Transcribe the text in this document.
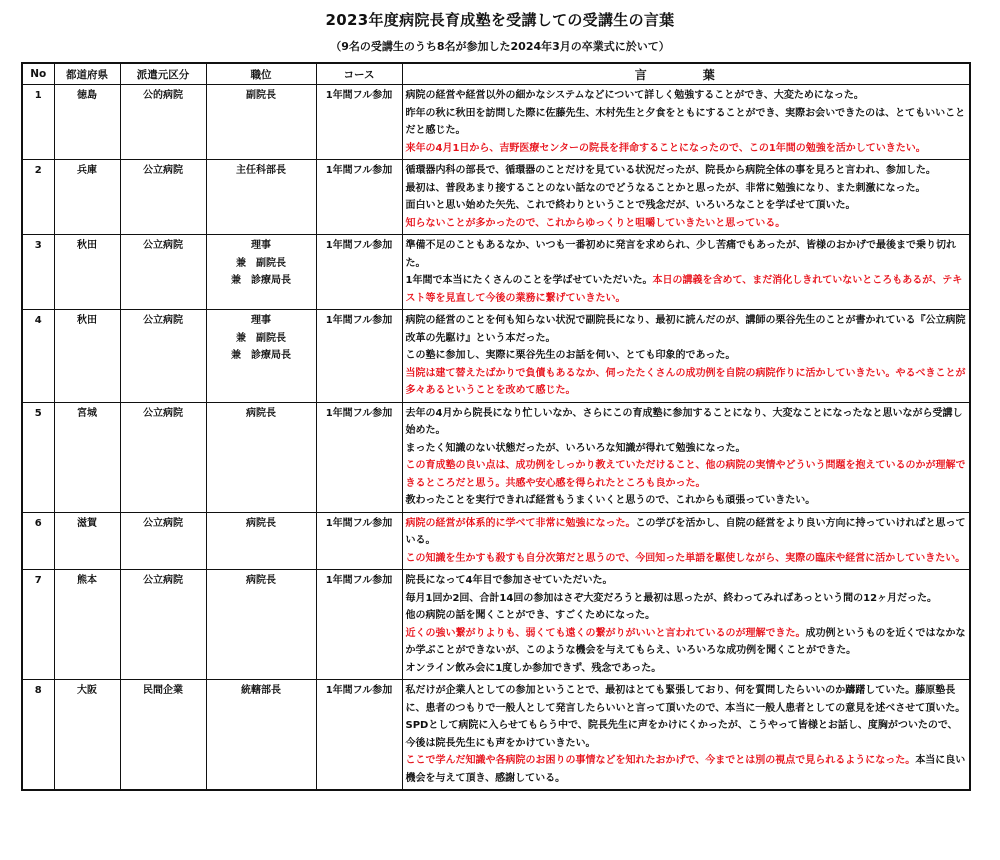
2023年度病院長育成塾を受講しての受講生の言葉
（9名の受講生のうち8名が参加した2024年3月の卒業式に於いて）
No	都道府県	派遣元区分	職位	コース	言　葉
1	徳島	公的病院	副院長	1年間フル参加	病院の経営や経営以外の細かなシステムなどについて詳しく勉強することができ、大変ためになった。
昨年の秋に秋田を訪問した際に佐藤先生、木村先生と夕食をともにすることができ、実際お会いできたのは、とてもいいことだと感じた。
来年の4月1日から、吉野医療センターの院長を拝命することになったので、この1年間の勉強を活かしていきたい。

2	兵庫	公立病院	主任科部長	1年間フル参加	循環器内科の部長で、循環器のことだけを見ている状況だったが、院長から病院全体の事を見ろと言われ、参加した。
最初は、普段あまり接することのない話なのでどうなることかと思ったが、非常に勉強になり、また刺激になった。
面白いと思い始めた矢先、これで終わりということで残念だが、いろいろなことを学ばせて頂いた。
知らないことが多かったので、これからゆっくりと咀嚼していきたいと思っている。

3	秋田	公立病院	理事
兼　副院長
兼　診療局長	1年間フル参加	準備不足のこともあるなか、いつも一番初めに発言を求められ、少し苦痛でもあったが、皆様のおかげで最後まで乗り切れた。
1年間で本当にたくさんのことを学ばせていただいた。本日の講義を含めて、まだ消化しきれていないところもあるが、テキスト等を見直して今後の業務に繋げていきたい。

4	秋田	公立病院	理事
兼　副院長
兼　診療局長	1年間フル参加	病院の経営のことを何も知らない状況で副院長になり、最初に読んだのが、講師の栗谷先生のことが書かれている『公立病院改革の先駆け』という本だった。
この塾に参加し、実際に栗谷先生のお話を伺い、とても印象的であった。
当院は建て替えたばかりで負債もあるなか、伺ったたくさんの成功例を自院の病院作りに活かしていきたい。やるべきことが多々あるということを改めて感じた。

5	宮城	公立病院	病院長	1年間フル参加	去年の4月から院長になり忙しいなか、さらにこの育成塾に参加することになり、大変なことになったなと思いながら受講し始めた。
まったく知識のない状態だったが、いろいろな知識が得れて勉強になった。
この育成塾の良い点は、成功例をしっかり教えていただけること、他の病院の実情やどういう問題を抱えているのかが理解できるところだと思う。共感や安心感を得られたところも良かった。
教わったことを実行できれば経営もうまくいくと思うので、これからも頑張っていきたい。

6	滋賀	公立病院	病院長	1年間フル参加	病院の経営が体系的に学べて非常に勉強になった。この学びを活かし、自院の経営をより良い方向に持っていければと思っている。
この知識を生かすも殺すも自分次第だと思うので、今回知った単語を駆使しながら、実際の臨床や経営に活かしていきたい。

7	熊本	公立病院	病院長	1年間フル参加	院長になって4年目で参加させていただいた。
毎月1回か2回、合計14回の参加はさぞ大変だろうと最初は思ったが、終わってみればあっという間の12ヶ月だった。
他の病院の話を聞くことができ、すごくためになった。
近くの強い繋がりよりも、弱くても遠くの繋がりがいいと言われているのが理解できた。成功例というものを近くではなかなか学ぶことができないが、このような機会を与えてもらえ、いろいろな成功例を聞くことができた。
オンライン飲み会に1度しか参加できず、残念であった。

8	大阪	民間企業	統轄部長	1年間フル参加	私だけが企業人としての参加ということで、最初はとても緊張しており、何を質問したらいいのか躊躇していた。藤原塾長に、患者のつもりで一般人として発言したらいいと言って頂いたので、本当に一般人患者としての意見を述べさせて頂いた。
SPDとして病院に入らせてもらう中で、院長先生に声をかけにくかったが、こうやって皆様とお話し、度胸がついたので、今後は院長先生にも声をかけていきたい。
ここで学んだ知識や各病院のお困りの事情などを知れたおかげで、今までとは別の視点で見られるようになった。本当に良い機会を与えて頂き、感謝している。
